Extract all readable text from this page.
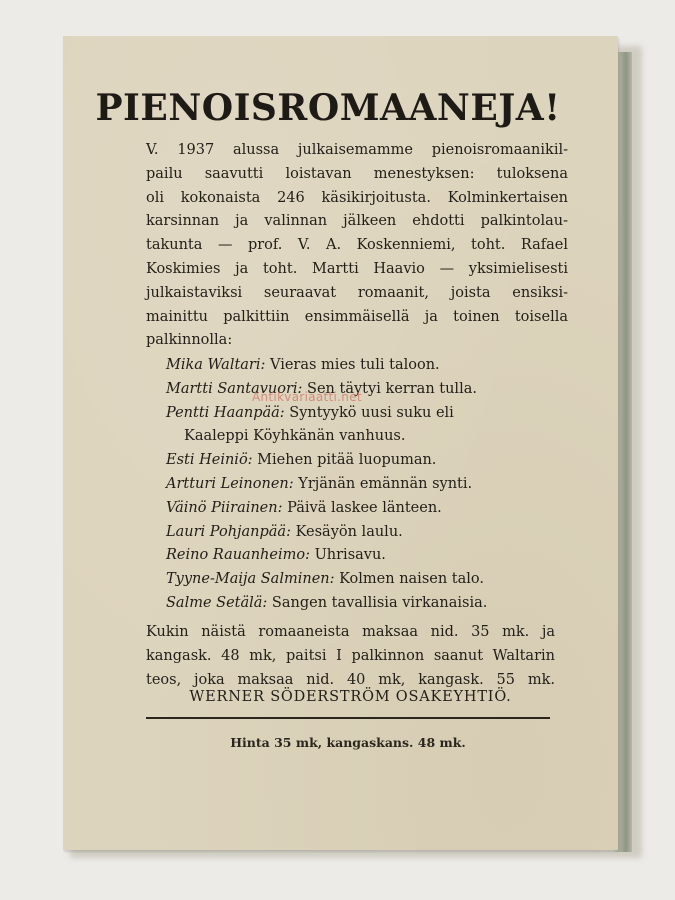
PIENOISROMAANEJA!
V. 1937 alussa julkaisemamme pienoisromaanikil-
pailu saavutti loistavan menestyksen: tuloksena
oli kokonaista 246 käsikirjoitusta. Kolminkertaisen
karsinnan ja valinnan jälkeen ehdotti palkintolau-
takunta — prof. V. A. Koskenniemi, toht. Rafael
Koskimies ja toht. Martti Haavio — yksimielisesti
julkaistaviksi seuraavat romaanit, joista ensiksi-
mainittu palkittiin ensimmäisellä ja toinen toisella
palkinnolla:
Mika Waltari: Vieras mies tuli taloon.
Martti Santavuori: Sen täytyi kerran tulla.
Pentti Haanpää: Syntyykö uusi suku eli
Kaaleppi Köyhkänän vanhuus.
Esti Heiniö: Miehen pitää luopuman.
Artturi Leinonen: Yrjänän emännän synti.
Väinö Piirainen: Päivä laskee länteen.
Lauri Pohjanpää: Kesäyön laulu.
Reino Rauanheimo: Uhrisavu.
Tyyne-Maija Salminen: Kolmen naisen talo.
Salme Setälä: Sangen tavallisia virkanaisia.
Antikvariaatti.net
Kukin näistä romaaneista maksaa nid. 35 mk. ja
kangask. 48 mk, paitsi I palkinnon saanut Waltarin
teos, joka maksaa nid. 40 mk, kangask. 55 mk.
WERNER SÖDERSTRÖM OSAKEYHTIÖ.
Hinta 35 mk, kangaskans. 48 mk.
